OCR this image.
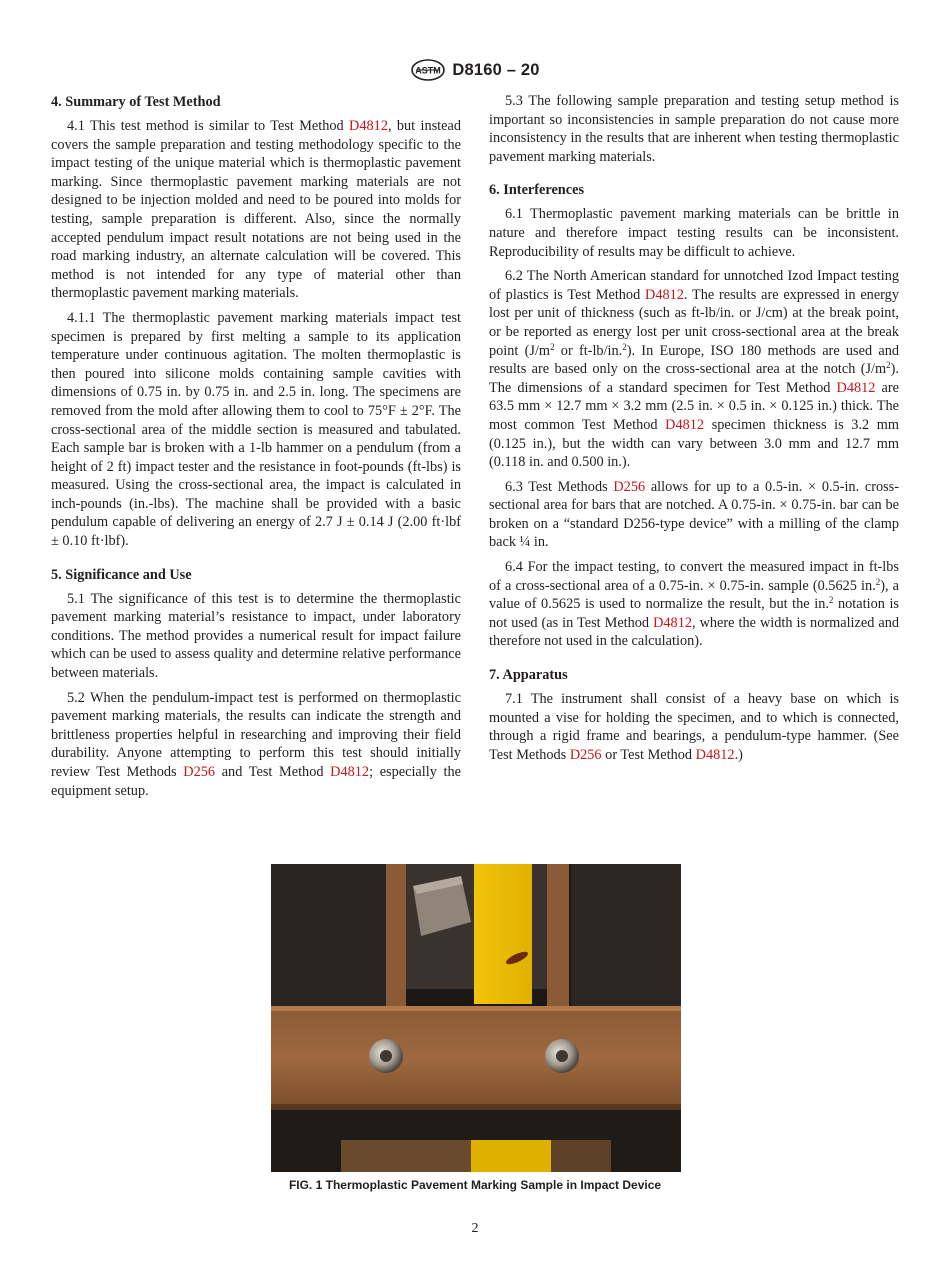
ASTM D8160 – 20
4. Summary of Test Method

4.1 This test method is similar to Test Method D4812, but instead covers the sample preparation and testing methodology specific to the impact testing of the unique material which is thermoplastic pavement marking. Since thermoplastic pavement marking materials are not designed to be injection molded and need to be poured into molds for testing, sample preparation is different. Also, since the normally accepted pendulum impact result notations are not being used in the road marking industry, an alternate calculation will be covered. This method is not intended for any type of material other than thermoplastic pavement marking materials.

4.1.1 The thermoplastic pavement marking materials impact test specimen is prepared by first melting a sample to its application temperature under continuous agitation. The molten thermoplastic is then poured into silicone molds containing sample cavities with dimensions of 0.75 in. by 0.75 in. and 2.5 in. long. The specimens are removed from the mold after allowing them to cool to 75°F ± 2°F. The cross-sectional area of the middle section is measured and tabulated. Each sample bar is broken with a 1-lb hammer on a pendulum (from a height of 2 ft) impact tester and the resistance in foot-pounds (ft-lbs) is measured. Using the cross-sectional area, the impact is calculated in inch-pounds (in.-lbs). The machine shall be provided with a basic pendulum capable of delivering an energy of 2.7 J ± 0.14 J (2.00 ft·lbf ± 0.10 ft·lbf).

5. Significance and Use

5.1 The significance of this test is to determine the thermoplastic pavement marking material’s resistance to impact, under laboratory conditions. The method provides a numerical result for impact failure which can be used to assess quality and determine relative performance between materials.

5.2 When the pendulum-impact test is performed on thermoplastic pavement marking materials, the results can indicate the strength and brittleness properties helpful in researching and improving their field durability. Anyone attempting to perform this test should initially review Test Methods D256 and Test Method D4812; especially the equipment setup.

5.3 The following sample preparation and testing setup method is important so inconsistencies in sample preparation do not cause more inconsistency in the results that are inherent when testing thermoplastic pavement marking materials.

6. Interferences

6.1 Thermoplastic pavement marking materials can be brittle in nature and therefore impact testing results can be inconsistent. Reproducibility of results may be difficult to achieve.

6.2 The North American standard for unnotched Izod Impact testing of plastics is Test Method D4812. The results are expressed in energy lost per unit of thickness (such as ft-lb/in. or J/cm) at the break point, or be reported as energy lost per unit cross-sectional area at the break point ($J/m^2$ or ft-lb/in.$^2$). In Europe, ISO 180 methods are used and results are based only on the cross-sectional area at the notch $(J/m^2)$. The dimensions of a standard specimen for Test Method D4812 are 63.5 mm × 12.7 mm × 3.2 mm (2.5 in. × 0.5 in. × 0.125 in.) thick. The most common Test Method D4812 specimen thickness is 3.2 mm (0.125 in.), but the width can vary between 3.0 mm and 12.7 mm (0.118 in. and 0.500 in.).

6.3 Test Methods D256 allows for up to a 0.5-in. × 0.5-in. cross-sectional area for bars that are notched. A 0.75-in. × 0.75-in. bar can be broken on a “standard D256-type device” with a milling of the clamp back ¼ in.

6.4 For the impact testing, to convert the measured impact in ft-lbs of a cross-sectional area of a 0.75-in. × 0.75-in. sample (0.5625 in.$^2$), a value of 0.5625 is used to normalize the result, but the in.$^2$ notation is not used (as in Test Method D4812, where the width is normalized and therefore not used in the calculation).

7. Apparatus

7.1 The instrument shall consist of a heavy base on which is mounted a vise for holding the specimen, and to which is connected, through a rigid frame and bearings, a pendulum-type hammer. (See Test Methods D256 or Test Method D4812.)

FIG. 1 Thermoplastic Pavement Marking Sample in Impact Device
2
